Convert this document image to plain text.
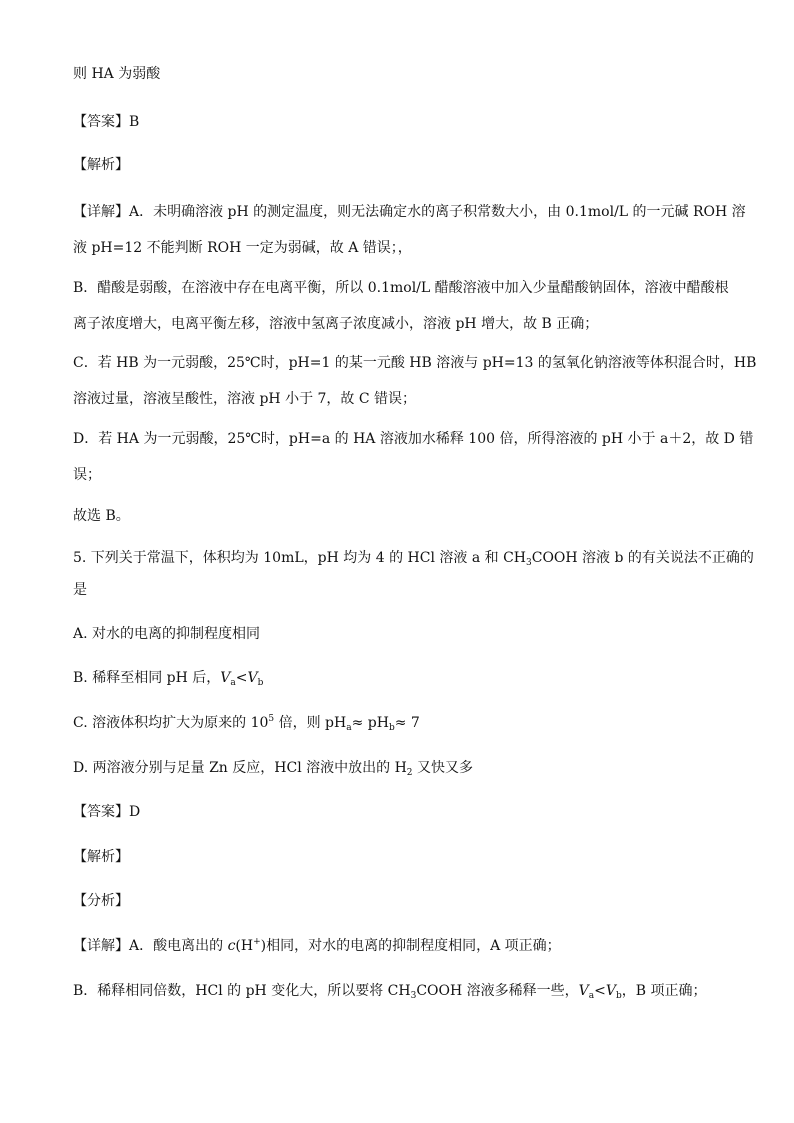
则 HA 为弱酸
【答案】B
【解析】
【详解】A．未明确溶液 pH 的测定温度，则无法确定水的离子积常数大小，由 0.1mol/L 的一元碱 ROH 溶
液 pH=12 不能判断 ROH 一定为弱碱，故 A 错误；，
B．醋酸是弱酸，在溶液中存在电离平衡，所以 0.1mol/L 醋酸溶液中加入少量醋酸钠固体，溶液中醋酸根
离子浓度增大，电离平衡左移，溶液中氢离子浓度减小，溶液 pH 增大，故 B 正确；
C．若 HB 为一元弱酸，25℃时，pH=1 的某一元酸 HB 溶液与 pH=13 的氢氧化钠溶液等体积混合时，HB
溶液过量，溶液呈酸性，溶液 pH 小于 7，故 C 错误；
D．若 HA 为一元弱酸，25℃时，pH=a 的 HA 溶液加水稀释 100 倍，所得溶液的 pH 小于 a＋2，故 D 错
误；
故选 B。
5. 下列关于常温下，体积均为 10mL，pH 均为 4 的 HCl 溶液 a 和 $CH_3COOH$ 溶液 b 的有关说法不正确的
是
A. 对水的电离的抑制程度相同
B. 稀释至相同 pH 后，$V_a<V_b$
C. 溶液体积均扩大为原来的 $10^5$ 倍，则 $pH_a\approx pH_b\approx 7$
D. 两溶液分别与足量 Zn 反应，HCl 溶液中放出的 $H_2$ 又快又多
【答案】D
【解析】
【分析】
【详解】A．酸电离出的 c(H+)相同，对水的电离的抑制程度相同，A 项正确；
B．稀释相同倍数，HCl 的 pH 变化大，所以要将 $CH_3COOH$ 溶液多稀释一些，$V_a<V_b$，B 项正确；
